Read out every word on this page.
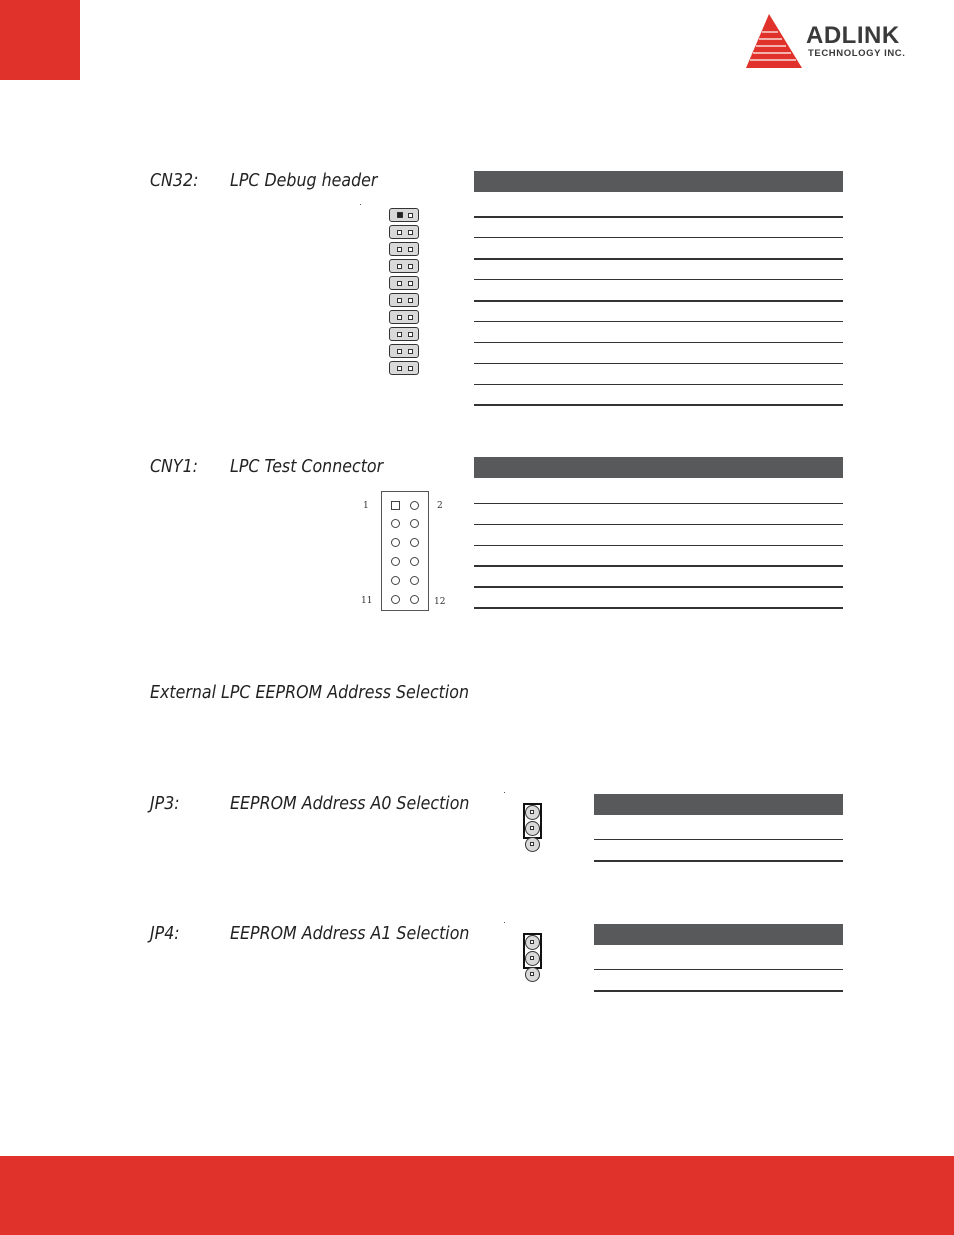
ADLINK
TECHNOLOGY INC.
CN32: LPC Debug header
CNY1: LPC Test Connector
1	2
11	12
External LPC EEPROM Address Selection
JP3:	EEPROM Address A0 Selection
JP4:	EEPROM Address A1 Selection
